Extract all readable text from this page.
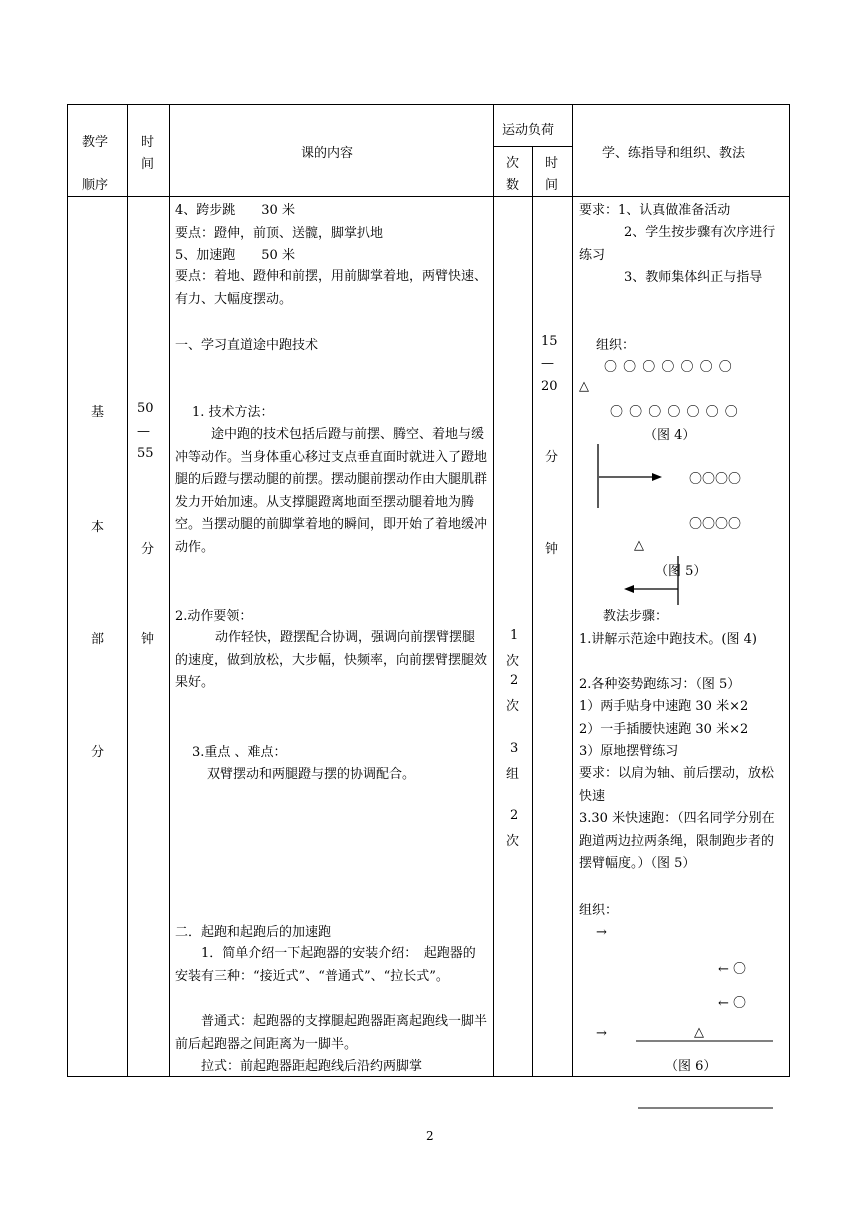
教学
顺序
时
间
课的内容
运动负荷
次
数
时
间
学、练指导和组织、教法
基
本
部
分
50
—
55
分
钟
4、跨步跳　　30 米
要点：蹬伸，前顶、送髋，脚掌扒地
5、加速跑　　50 米
要点：着地、蹬伸和前摆，用前脚掌着地，两臂快速、有力、大幅度摆动。
一、学习直道途中跑技术
1. 技术方法：
途中跑的技术包括后蹬与前摆、腾空、着地与缓冲等动作。当身体重心移过支点垂直面时就进入了蹬地腿的后蹬与摆动腿的前摆。摆动腿前摆动作由大腿肌群发力开始加速。从支撑腿蹬离地面至摆动腿着地为腾空。当摆动腿的前脚掌着地的瞬间，即开始了着地缓冲动作。
2.动作要领：
动作轻快，蹬摆配合协调，强调向前摆臂摆腿的速度，做到放松，大步幅，快频率，向前摆臂摆腿效果好。
3.重点 、难点：
双臂摆动和两腿蹬与摆的协调配合。
二．起跑和起跑后的加速跑
1．简单介绍一下起跑器的安装介绍：　起跑器的安装有三种：“接近式”、“普通式”、“拉长式”。
普通式：起跑器的支撑腿起跑器距离起跑线一脚半前后起跑器之间距离为一脚半。
拉式：前起跑器距起跑线后沿约两脚掌
1
次
2
次
3
组
2
次
15
—
20
分
钟
要求：1、认真做准备活动
2、学生按步骤有次序进行练习
3、教师集体纠正与指导
组织：
〇 〇 〇 〇 〇 〇 〇
△
〇 〇 〇 〇 〇 〇 〇
（图 4）
〇〇〇〇
〇〇〇〇
△
（图 5）
教法步骤：
1.讲解示范途中跑技术。(图 4)
2.各种姿势跑练习：（图 5）
1）两手贴身中速跑 30 米×2
2）一手插腰快速跑 30 米×2
3）原地摆臂练习
要求：以肩为轴、前后摆动，放松快速
3.30 米快速跑：（四名同学分别在跑道两边拉两条绳，限制跑步者的摆臂幅度。）（图 5）
组织：
→
← 〇
← 〇
→	△
（图 6）
2
